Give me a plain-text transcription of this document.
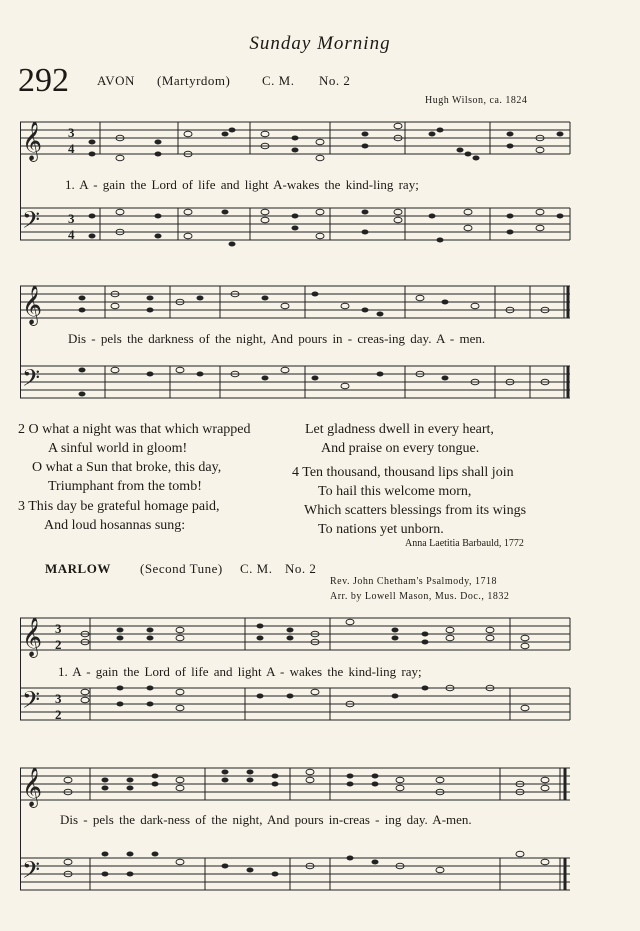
Sunday Morning
292 AVON (Martyrdom) C. M. No. 2
Hugh Wilson, ca. 1824
𝄞
𝄢
3
4
3
4
1. A - gain the Lord of life and light A-wakes the kind-ling ray;
𝄞
𝄢
Dis - pels the darkness of the night, And pours in - creas-ing day. A - men.
2 O what a night was that which wrapped
A sinful world in gloom!
O what a Sun that broke, this day,
Triumphant from the tomb!
3 This day be grateful homage paid,
And loud hosannas sung:
Let gladness dwell in every heart,
And praise on every tongue.
4 Ten thousand, thousand lips shall join
To hail this welcome morn,
Which scatters blessings from its wings
To nations yet unborn.
Anna Laetitia Barbauld, 1772
MARLOW (Second Tune) C. M. No. 2
Rev. John Chetham's Psalmody, 1718
Arr. by Lowell Mason, Mus. Doc., 1832
𝄞
𝄢
3
2
3
2
1. A - gain the Lord of life and light A - wakes the kind-ling ray;
𝄞
𝄢
Dis - pels the dark-ness of the night, And pours in-creas - ing day. A-men.
